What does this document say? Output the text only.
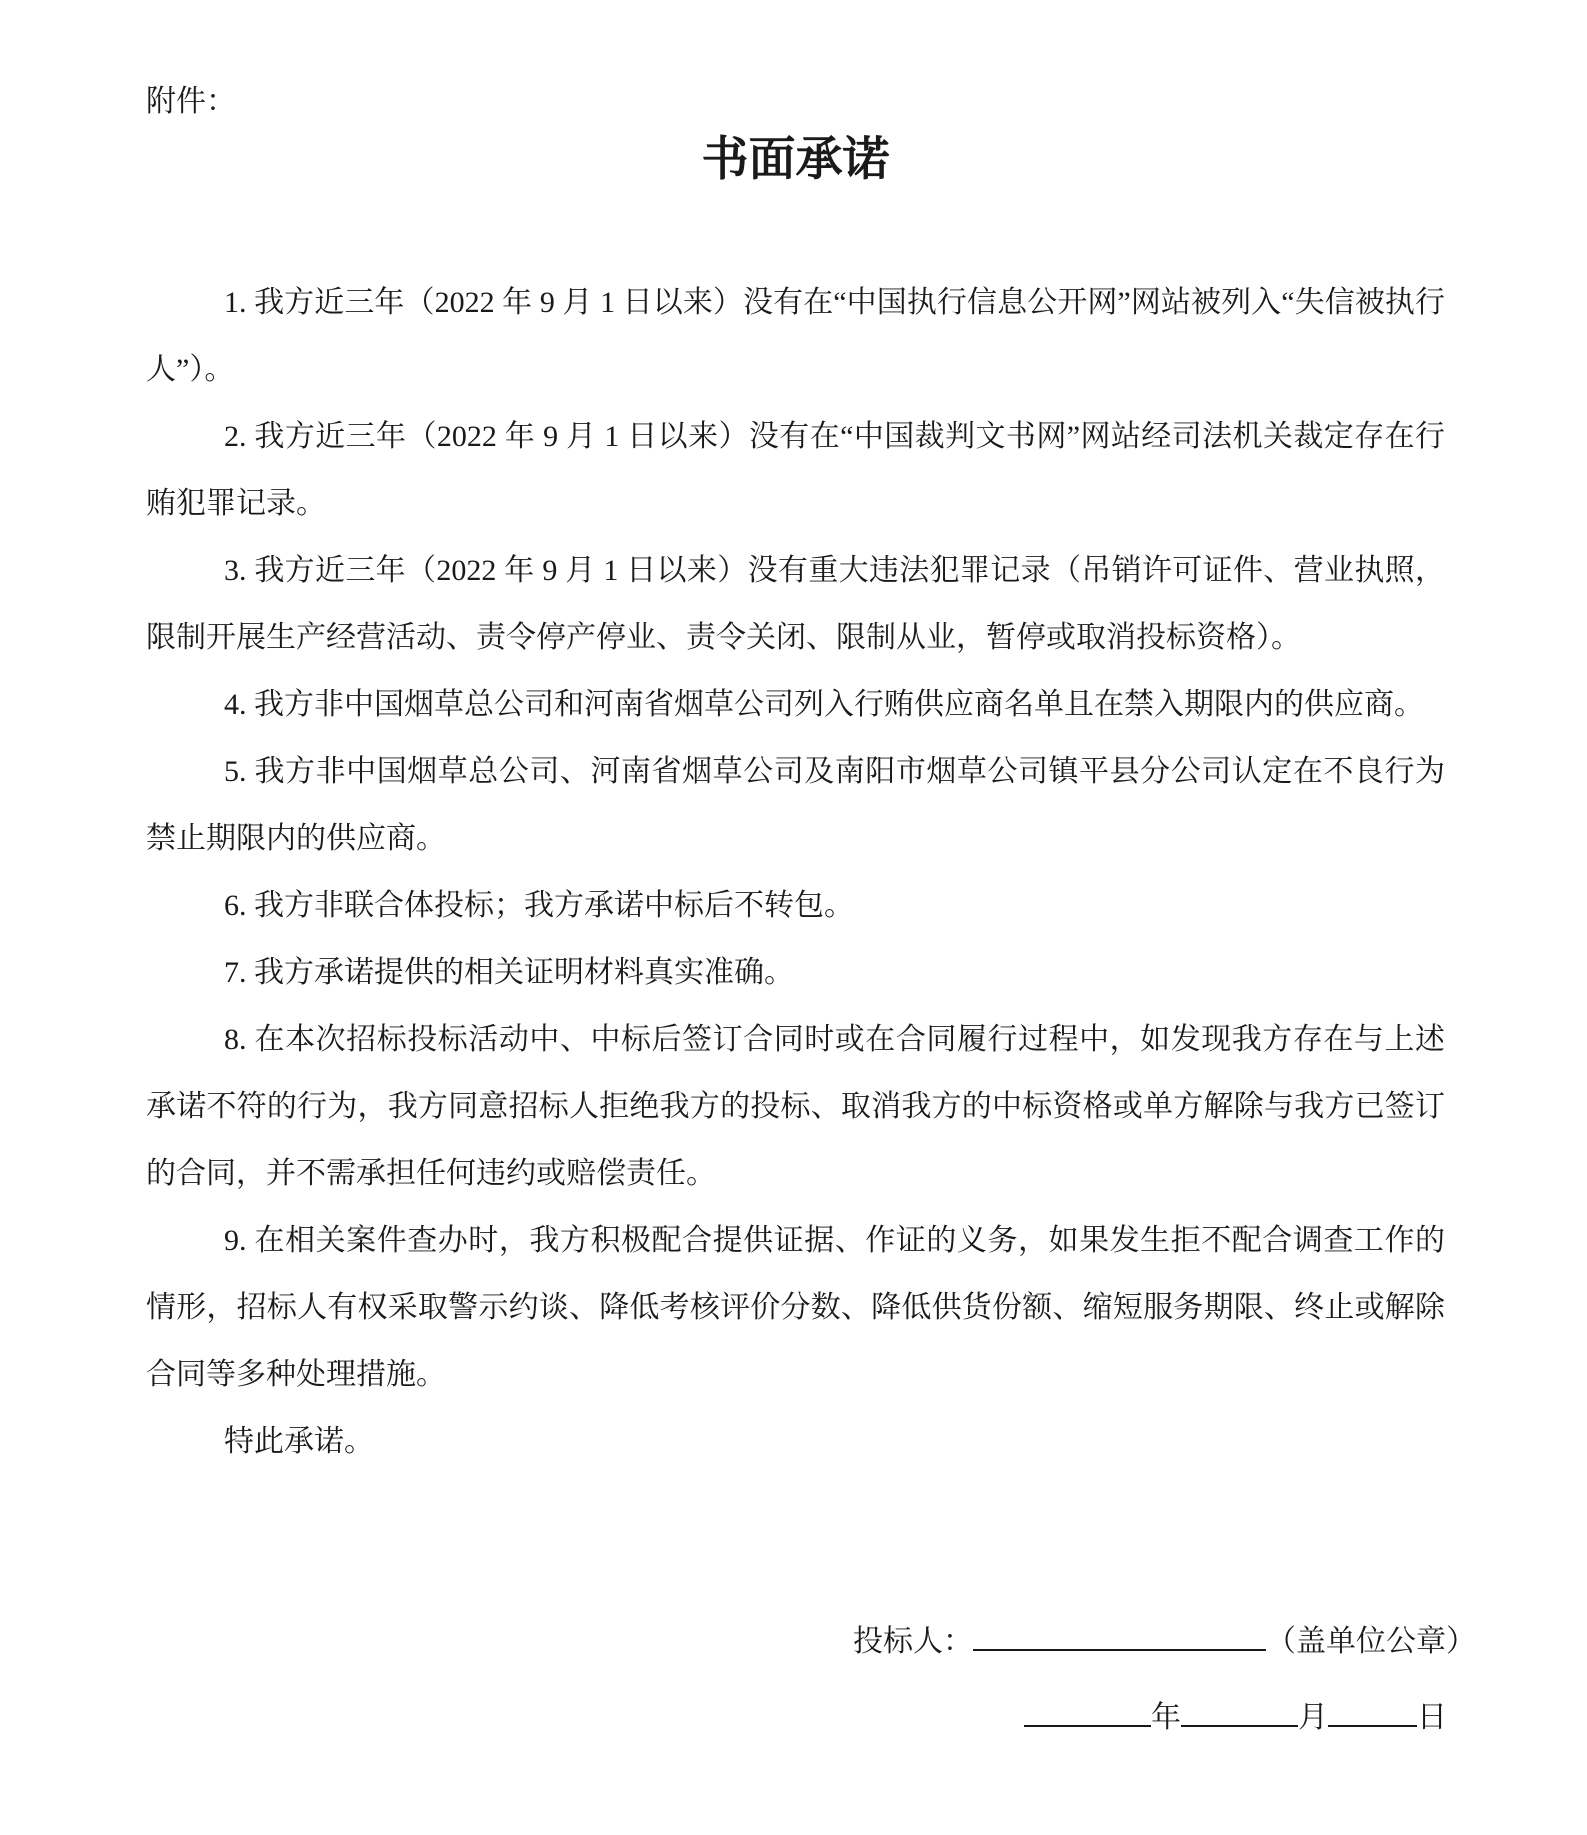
附件：
书面承诺

1. 我方近三年（2022 年 9 月 1 日以来）没有在“中国执行信息公开网”网站被列入“失信被执行人”）。

2. 我方近三年（2022 年 9 月 1 日以来）没有在“中国裁判文书网”网站经司法机关裁定存在行贿犯罪记录。

3. 我方近三年（2022 年 9 月 1 日以来）没有重大违法犯罪记录（吊销许可证件、营业执照，限制开展生产经营活动、责令停产停业、责令关闭、限制从业，暂停或取消投标资格）。

4. 我方非中国烟草总公司和河南省烟草公司列入行贿供应商名单且在禁入期限内的供应商。

5. 我方非中国烟草总公司、河南省烟草公司及南阳市烟草公司镇平县分公司认定在不良行为禁止期限内的供应商。

6. 我方非联合体投标；我方承诺中标后不转包。

7. 我方承诺提供的相关证明材料真实准确。

8. 在本次招标投标活动中、中标后签订合同时或在合同履行过程中，如发现我方存在与上述承诺不符的行为，我方同意招标人拒绝我方的投标、取消我方的中标资格或单方解除与我方已签订的合同，并不需承担任何违约或赔偿责任。

9. 在相关案件查办时，我方积极配合提供证据、作证的义务，如果发生拒不配合调查工作的情形，招标人有权采取警示约谈、降低考核评价分数、降低供货份额、缩短服务期限、终止或解除合同等多种处理措施。

特此承诺。

投标人：	（盖单位公章）
年	月	日
